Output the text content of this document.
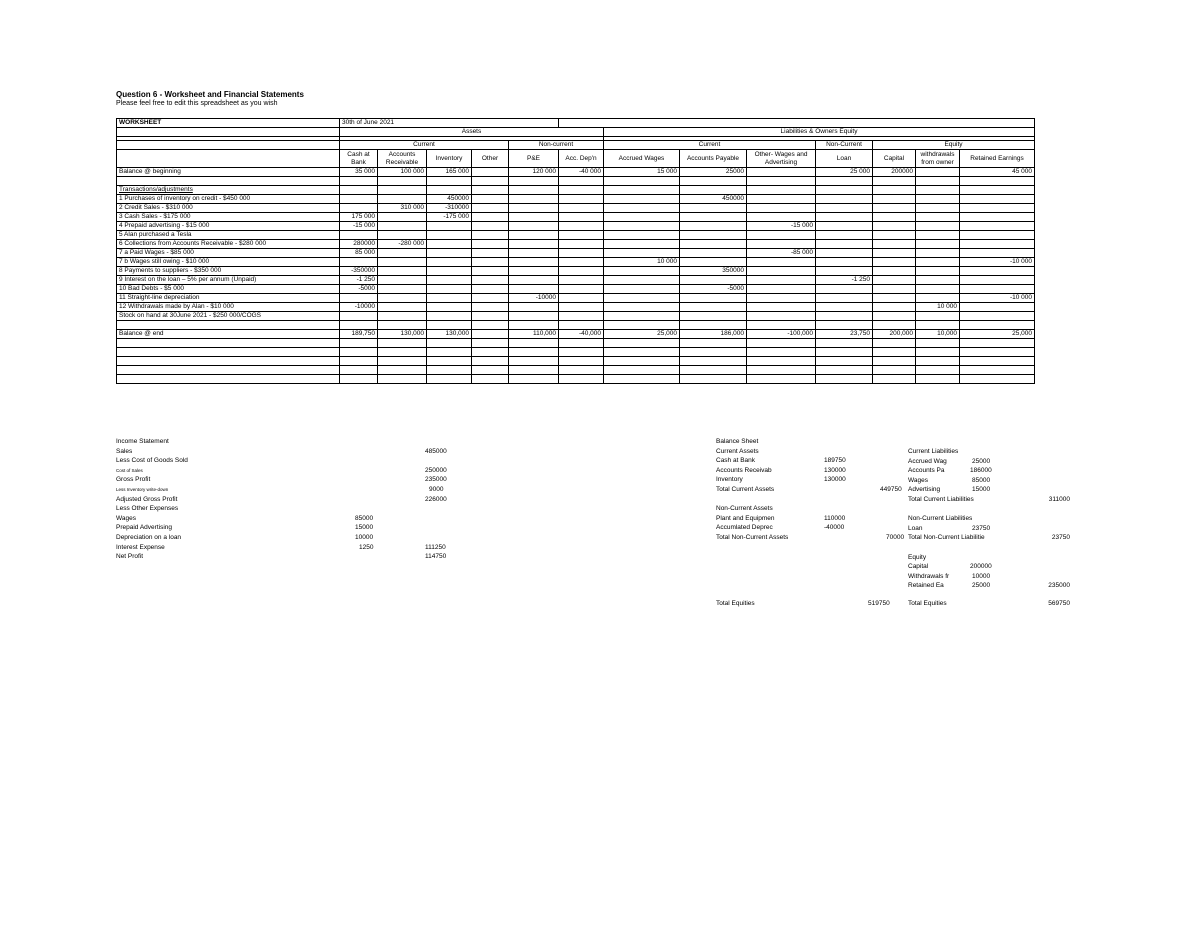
Question 6 - Worksheet and Financial Statements
Please feel free to edit this spreadsheet as you wish
WORKSHEET	30th of June 2021												
	Assets						Liabilities & Owners Equity						

	Current				Non-current		Current			Non-Current	Equity		
	Cash at Bank	Accounts Receivable	Inventory	Other	P&E	Acc. Dep'n	Accrued Wages	Accounts Payable	Other- Wages and Advertising	Loan	Capital	withdrawals from owner	Retained Earnings
Balance @ beginning	35 000	100 000	165 000		120 000	-40 000	15 000	25000		25 000	200000		45 000

Transactions/adjustments													
1 Purchases of inventory on credit - $450 000			450000					450000					
2 Credit Sales - $310 000		310 000	-310000										
3 Cash Sales - $175 000	175 000		-175 000										
4 Prepaid advertising - $15 000	-15 000								-15 000				
5 Alan purchased a Tesla													
6 Collections from Accounts Receivable - $280 000	280000	-280 000											
7 a Paid Wages - $85 000	85 000								-85 000				
7 b Wages still owing - $10 000							10 000						-10 000
8 Payments to suppliers - $350 000	-350000							350000					
9 Interest on the loan – 5% per annum (Unpaid)	-1 250									-1 250			
10 Bad Debts - $5 000	-5000							-5000					
11 Straight-line depreciation					-10000								-10 000
12 Withdrawals made by Alan - $10 000	-10000											10 000	
Stock on hand at 30June 2021 - $250 000/COGS													

Balance @ end	189,750	130,000	130,000		110,000	-40,000	25,000	186,000	-100,000	23,750	200,000	10,000	25,000

Income Statement
Sales	485000
Less Cost of Goods Sold
Cost of Sales	250000
Gross Profit	235000
Less Inventory write-down	9000
Adjusted Gross Profit	226000
Less Other Expenses
Wages	85000
Prepaid Advertising	15000
Depreciation on a loan	10000
Interest Expense	1250	111250
Net Profit	114750
Balance Sheet
Current Assets
Cash at Bank	189750
Accounts Receivab	130000
Inventory	130000
Total Current Assets	449750
Non-Current Assets
Plant and Equipmen	110000
Accumlated Deprec	-40000
Total Non-Current Assets	70000
Current Liabilities
Accrued Wag	25000
Accounts Pa	186000
Wages	85000
Advertising	15000
Total Current Liabilities	311000
Non-Current Liabilities
Loan	23750
Total Non-Current Liabilitie	23750
Equity
Capital	200000
Withdrawals fr	10000
Retained Ea	25000	235000
Total Equities	519750	Total Equities	569750
